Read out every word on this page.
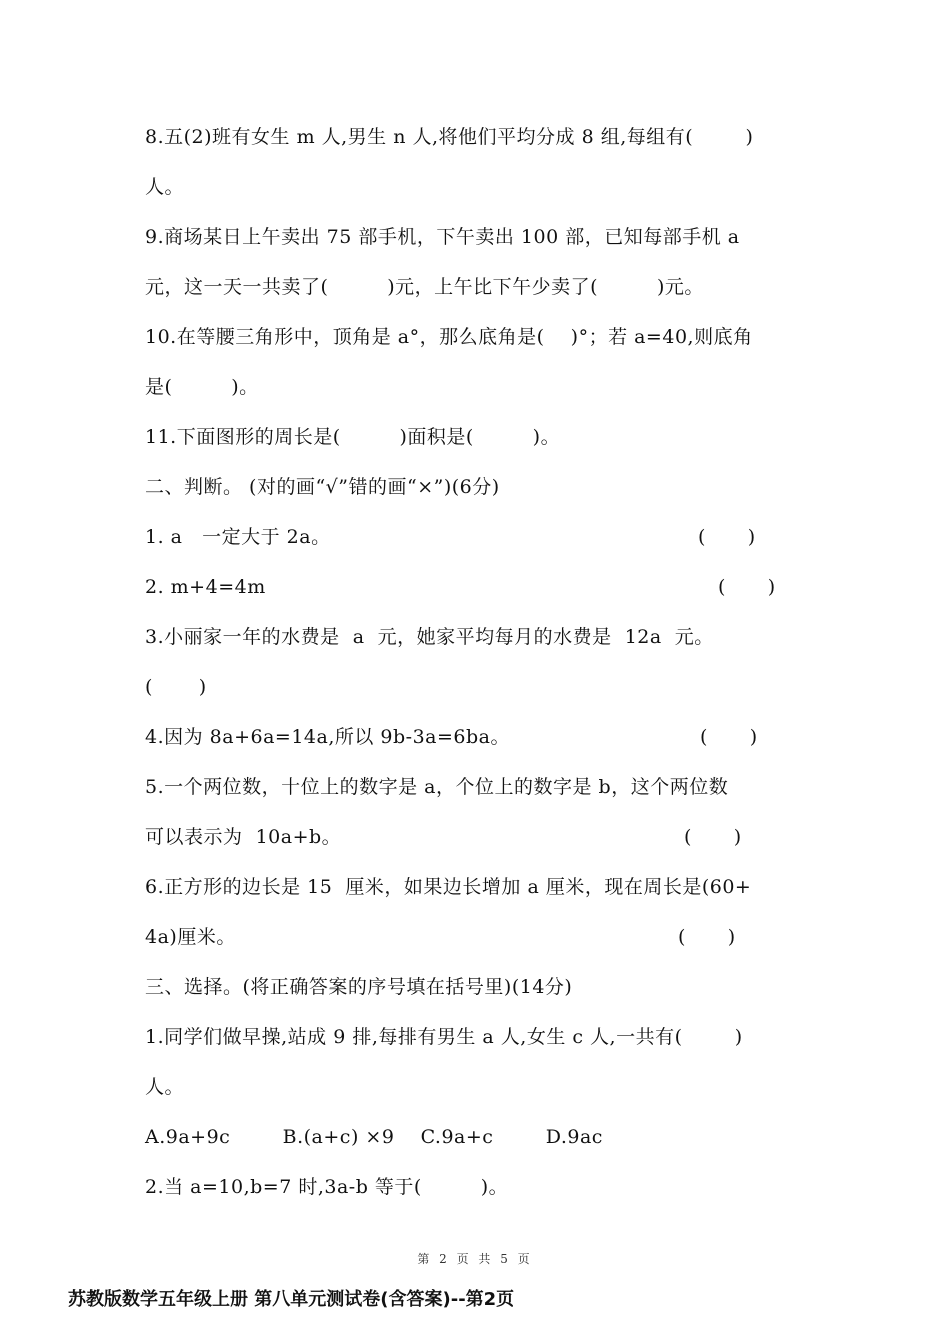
8.五(2)班有女生 m 人,男生 n 人,将他们平均分成 8 组,每组有(        )
人。
9.商场某日上午卖出 75 部手机，下午卖出 100 部，已知每部手机 a
元，这一天一共卖了(         )元，上午比下午少卖了(         )元。
10.在等腰三角形中，顶角是 a°，那么底角是(    )°；若 a=40,则底角
是(         )。
11.下面图形的周长是(         )面积是(         )。
二、判断。 (对的画“√”错的画“×”)(6分)
1. a   一定大于 2a。	(       )
2. m+4=4m	(       )
3.小丽家一年的水费是  a  元，她家平均每月的水费是  12a  元。
(       )
4.因为 8a+6a=14a,所以 9b-3a=6ba。	(       )
5.一个两位数，十位上的数字是 a，个位上的数字是 b，这个两位数
可以表示为  10a+b。	(       )
6.正方形的边长是 15  厘米，如果边长增加 a 厘米，现在周长是(60+
4a)厘米。	(       )
三、选择。(将正确答案的序号填在括号里)(14分)
1.同学们做早操,站成 9 排,每排有男生 a 人,女生 c 人,一共有(        )
人。
A.9a+9c        B.(a+c) ×9    C.9a+c        D.9ac
2.当 a=10,b=7 时,3a-b 等于(         )。
第 2 页 共 5 页
苏教版数学五年级上册 第八单元测试卷(含答案)--第2页
